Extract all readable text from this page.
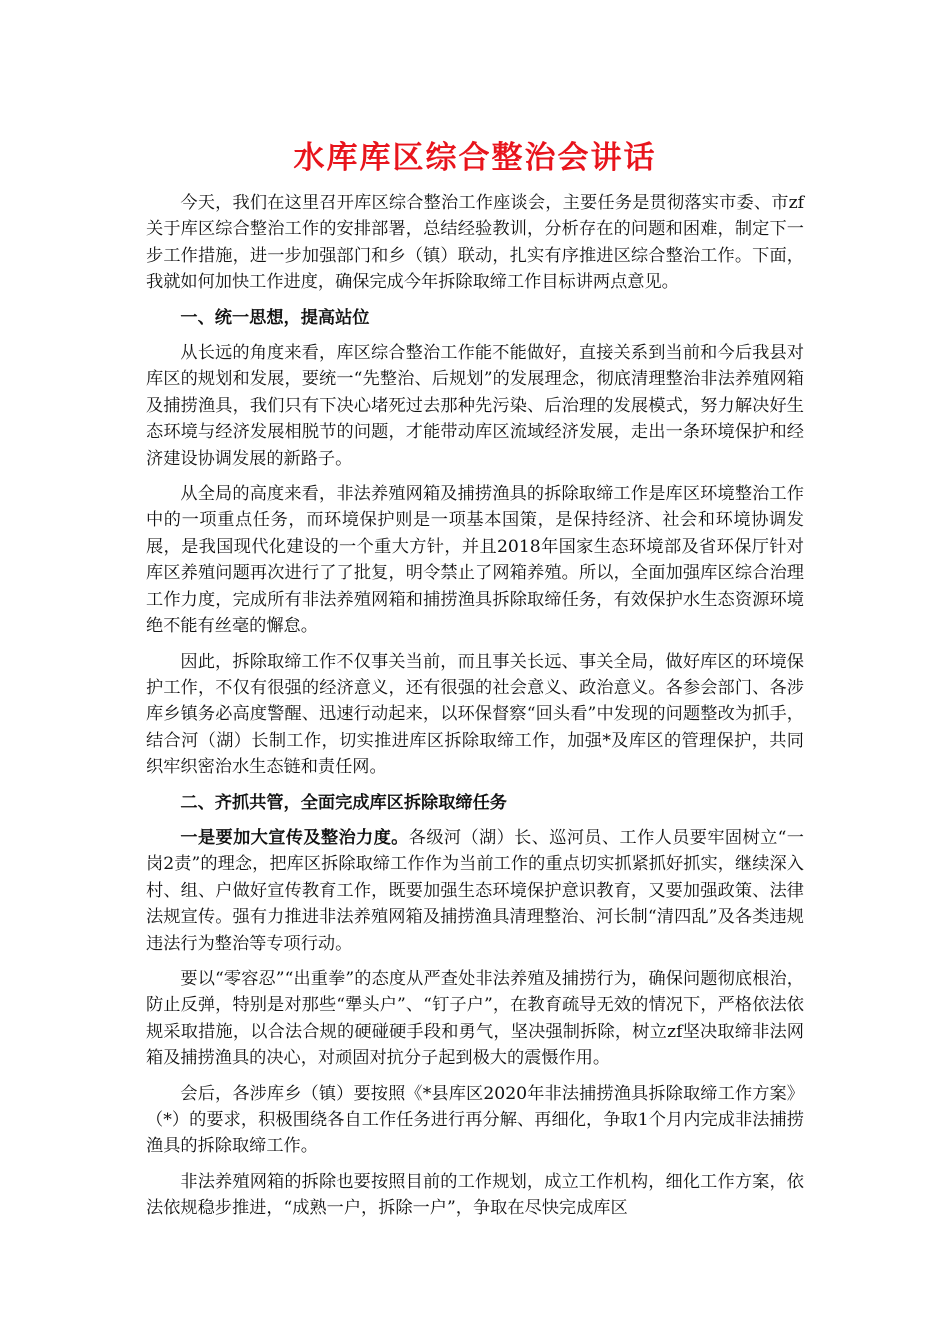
水库库区综合整治会讲话

今天，我们在这里召开库区综合整治工作座谈会，主要任务是贯彻落实市委、市zf关于库区综合整治工作的安排部署，总结经验教训，分析存在的问题和困难，制定下一步工作措施，进一步加强部门和乡（镇）联动，扎实有序推进区综合整治工作。下面，我就如何加快工作进度，确保完成今年拆除取缔工作目标讲两点意见。

一、统一思想，提高站位

从长远的角度来看，库区综合整治工作能不能做好，直接关系到当前和今后我县对库区的规划和发展，要统一“先整治、后规划”的发展理念，彻底清理整治非法养殖网箱及捕捞渔具，我们只有下决心堵死过去那种先污染、后治理的发展模式，努力解决好生态环境与经济发展相脱节的问题，才能带动库区流域经济发展，走出一条环境保护和经济建设协调发展的新路子。

从全局的高度来看，非法养殖网箱及捕捞渔具的拆除取缔工作是库区环境整治工作中的一项重点任务，而环境保护则是一项基本国策，是保持经济、社会和环境协调发展，是我国现代化建设的一个重大方针，并且2018年国家生态环境部及省环保厅针对库区养殖问题再次进行了了批复，明令禁止了网箱养殖。所以，全面加强库区综合治理工作力度，完成所有非法养殖网箱和捕捞渔具拆除取缔任务，有效保护水生态资源环境绝不能有丝毫的懈怠。

因此，拆除取缔工作不仅事关当前，而且事关长远、事关全局，做好库区的环境保护工作，不仅有很强的经济意义，还有很强的社会意义、政治意义。各参会部门、各涉库乡镇务必高度警醒、迅速行动起来，以环保督察“回头看”中发现的问题整改为抓手，结合河（湖）长制工作，切实推进库区拆除取缔工作，加强*及库区的管理保护，共同织牢织密治水生态链和责任网。

二、齐抓共管，全面完成库区拆除取缔任务

一是要加大宣传及整治力度。各级河（湖）长、巡河员、工作人员要牢固树立“一岗2责”的理念，把库区拆除取缔工作作为当前工作的重点切实抓紧抓好抓实，继续深入村、组、户做好宣传教育工作，既要加强生态环境保护意识教育，又要加强政策、法律法规宣传。强有力推进非法养殖网箱及捕捞渔具清理整治、河长制“清四乱”及各类违规违法行为整治等专项行动。

要以“零容忍”“出重拳”的态度从严查处非法养殖及捕捞行为，确保问题彻底根治，防止反弹，特别是对那些“犟头户”、“钉子户”，在教育疏导无效的情况下，严格依法依规采取措施，以合法合规的硬碰硬手段和勇气，坚决强制拆除，树立zf坚决取缔非法网箱及捕捞渔具的决心，对顽固对抗分子起到极大的震慑作用。

会后，各涉库乡（镇）要按照《*县库区2020年非法捕捞渔具拆除取缔工作方案》（*）的要求，积极围绕各自工作任务进行再分解、再细化，争取1个月内完成非法捕捞渔具的拆除取缔工作。

非法养殖网箱的拆除也要按照目前的工作规划，成立工作机构，细化工作方案，依法依规稳步推进，“成熟一户，拆除一户”，争取在尽快完成库区
